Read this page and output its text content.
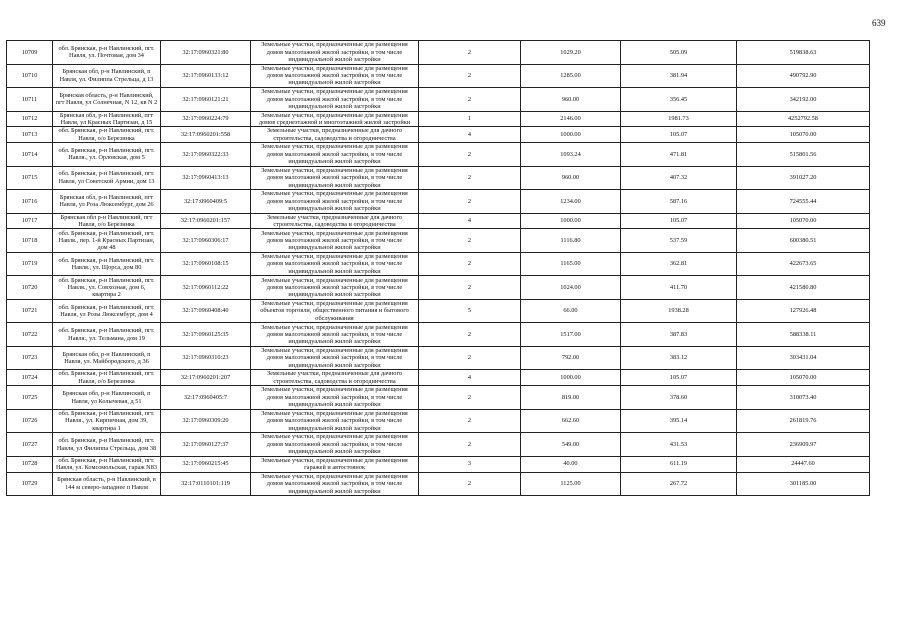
639
10709	обл. Брянская, р-н Навлинский, пгт. Навля, ул. Почтовая, дом 34	32:17:0960321:80	Земельные участки, предназначенные для размещения домов малоэтажной жилой застройки, в том числе индивидуальной жилой застройки	2	1029.20	505.09	519838.63
10710	Брянская обл, р-н Навлинский, п Навля, ул. Филиппа Стрельца, д 13	32:17:0960133:12	Земельные участки, предназначенные для размещения домов малоэтажной жилой застройки, в том числе индивидуальной жилой застройки	2	1285.00	381.94	490792.90
10711	Брянская область, р-н Навлинский, пгт Навля, ул Солнечная, N 12, кв N 2	32:17:0960121:21	Земельные участки, предназначенные для размещения домов малоэтажной жилой застройки, в том числе индивидуальной жилой застройки	2	960.00	356.45	342192.00
10712	Брянская обл, р-н Навлинский, пгт Навля, ул Красных Партизан, д 15	32:17:0960224:79	Земельные участки, предназначенные для размещения домов среднеэтажной и многоэтажной жилой застройки	1	2146.00	1981.73	4252792.58
10713	обл. Брянская, р-н Навлинский, пгт. Навля, о/о Березинка	32:17:0960201:558	Земельные участки, предназначенные для дачного строительства, садоводства и огородничества	4	1000.00	105.07	105070.00
10714	обл. Брянская, р-н Навлинский, пгт. Навля., ул. Орловская, дом 5	32:17:0960322:33	Земельные участки, предназначенные для размещения домов малоэтажной жилой застройки, в том числе индивидуальной жилой застройки	2	1093.24	471.81	515801.56
10715	обл. Брянская, р-н Навлинский, пгт. Навля, ул Советской Армии, дом 13	32:17:0960413:13	Земельные участки, предназначенные для размещения домов малоэтажной жилой застройки, в том числе индивидуальной жилой застройки	2	960.00	407.32	391027.20
10716	Брянская обл, р-н Навлинский, пгт Навля, ул Роза Люксембург, дом 26	32:17:0960409:5	Земельные участки, предназначенные для размещения домов малоэтажной жилой застройки, в том числе индивидуальной жилой застройки	2	1234.00	587.16	724555.44
10717	Брянская обл р-н Навлинский, пгт Навля, о/о Березинка	32:17:0960201:157	Земельные участки, предназначенные для дачного строительства, садоводства и огородничества	4	1000.00	105.07	105070.00
10718	обл. Брянская, р-н Навлинский, пгт. Навля., пер. 1-й Красных Партизан, дом 48	32:17:0960306:17	Земельные участки, предназначенные для размещения домов малоэтажной жилой застройки, в том числе индивидуальной жилой застройки	2	1116.80	537.59	600380.51
10719	обл. Брянская, р-н Навлинский, пгт. Навля., ул. Щорса, дом 80	32:17:0960108:15	Земельные участки, предназначенные для размещения домов малоэтажной жилой застройки, в том числе индивидуальной жилой застройки	2	1165.00	362.81	422673.65
10720	обл. Брянская, р-н Навлинский, пгт. Навля., ул. Совхозная, дом 6, квартира 2	32:17:0960112:22	Земельные участки, предназначенные для размещения домов малоэтажной жилой застройки, в том числе индивидуальной жилой застройки	2	1024.00	411.70	421580.80
10721	обл. Брянская, р-н Навлинский, пгт. Навля, ул Розы Люксембург, дом 4	32:17:0960408:40	Земельные участки, предназначенные для размещения объектов торговли, общественного питания и бытового обслуживания	5	66.00	1938.28	127926.48
10722	обл. Брянская, р-н Навлинский, пгт. Навля., ул. Тельмана, дом 19	32:17:0960125:35	Земельные участки, предназначенные для размещения домов малоэтажной жилой застройки, в том числе индивидуальной жилой застройки	2	1517.00	387.83	588338.11
10723	Брянская обл, р-н Навлинский, п Навля, ул. Майбородского, д 36	32:17:0960310:23	Земельные участки, предназначенные для размещения домов малоэтажной жилой застройки, в том числе индивидуальной жилой застройки	2	792.00	383.12	303431.04
10724	обл. Брянская, р-н Навлинский, пгт. Навля, о/о Березинка	32:17:0960201:207	Земельные участки, предназначенные для дачного строительства, садоводства и огородничества	4	1000.00	105.07	105070.00
10725	Брянская обл, р-н Навлинский, п Навля, ул Колычевая, д 51	32:17:0960405:7	Земельные участки, предназначенные для размещения домов малоэтажной жилой застройки, в том числе индивидуальной жилой застройки	2	819.00	378.60	310073.40
10726	обл. Брянская, р-н Навлинский, пгт. Навля., ул. Кирпичная, дом 39, квартира 1	32:17:0960309:20	Земельные участки, предназначенные для размещения домов малоэтажной жилой застройки, в том числе индивидуальной жилой застройки	2	662.60	395.14	261819.76
10727	обл. Брянская, р-н Навлинский, пгт. Навля, ул Филиппа Стрельца, дом 38	32:17:0960127:37	Земельные участки, предназначенные для размещения домов малоэтажной жилой застройки, в том числе индивидуальной жилой застройки	2	549.00	431.53	236909.97
10728	обл. Брянская, р-н Навлинский, пгт. Навля, ул. Комсомольская, гараж N83	32:17:0960215:45	Земельные участки, предназначенные для размещения гаражей и автостоянок	3	40.00	611.19	24447.60
10729	Брянская область, р-н Навлинский, в 144 м северо-западнее п Навля	32:17:0110101:119	Земельные участки, предназначенные для размещения домов малоэтажной жилой застройки, в том числе индивидуальной жилой застройки	2	1125.00	267.72	301185.00
